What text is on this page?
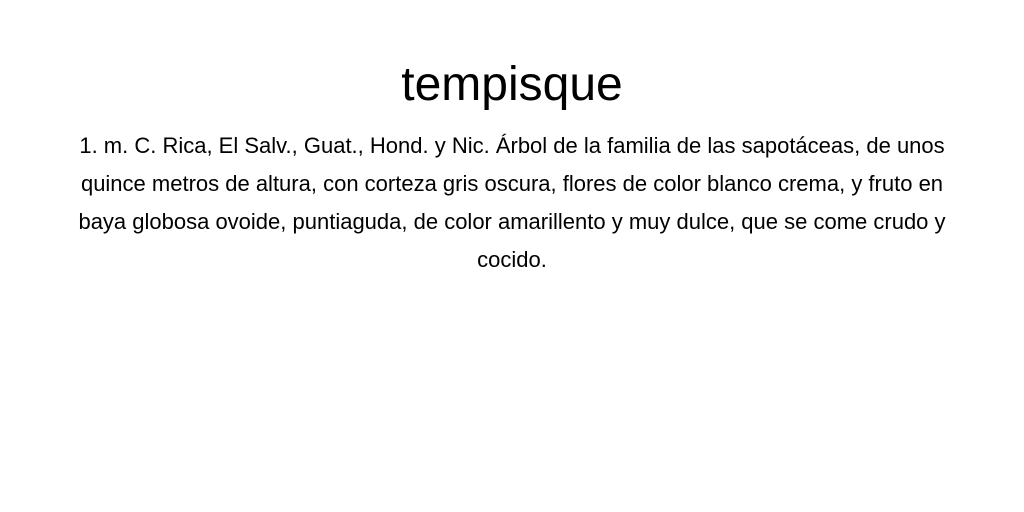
tempisque

1. m. C. Rica, El Salv., Guat., Hond. y Nic. Árbol de la familia de las sapotáceas, de unos quince metros de altura, con corteza gris oscura, flores de color blanco crema, y fruto en baya globosa ovoide, puntiaguda, de color amarillento y muy dulce, que se come crudo y cocido.
